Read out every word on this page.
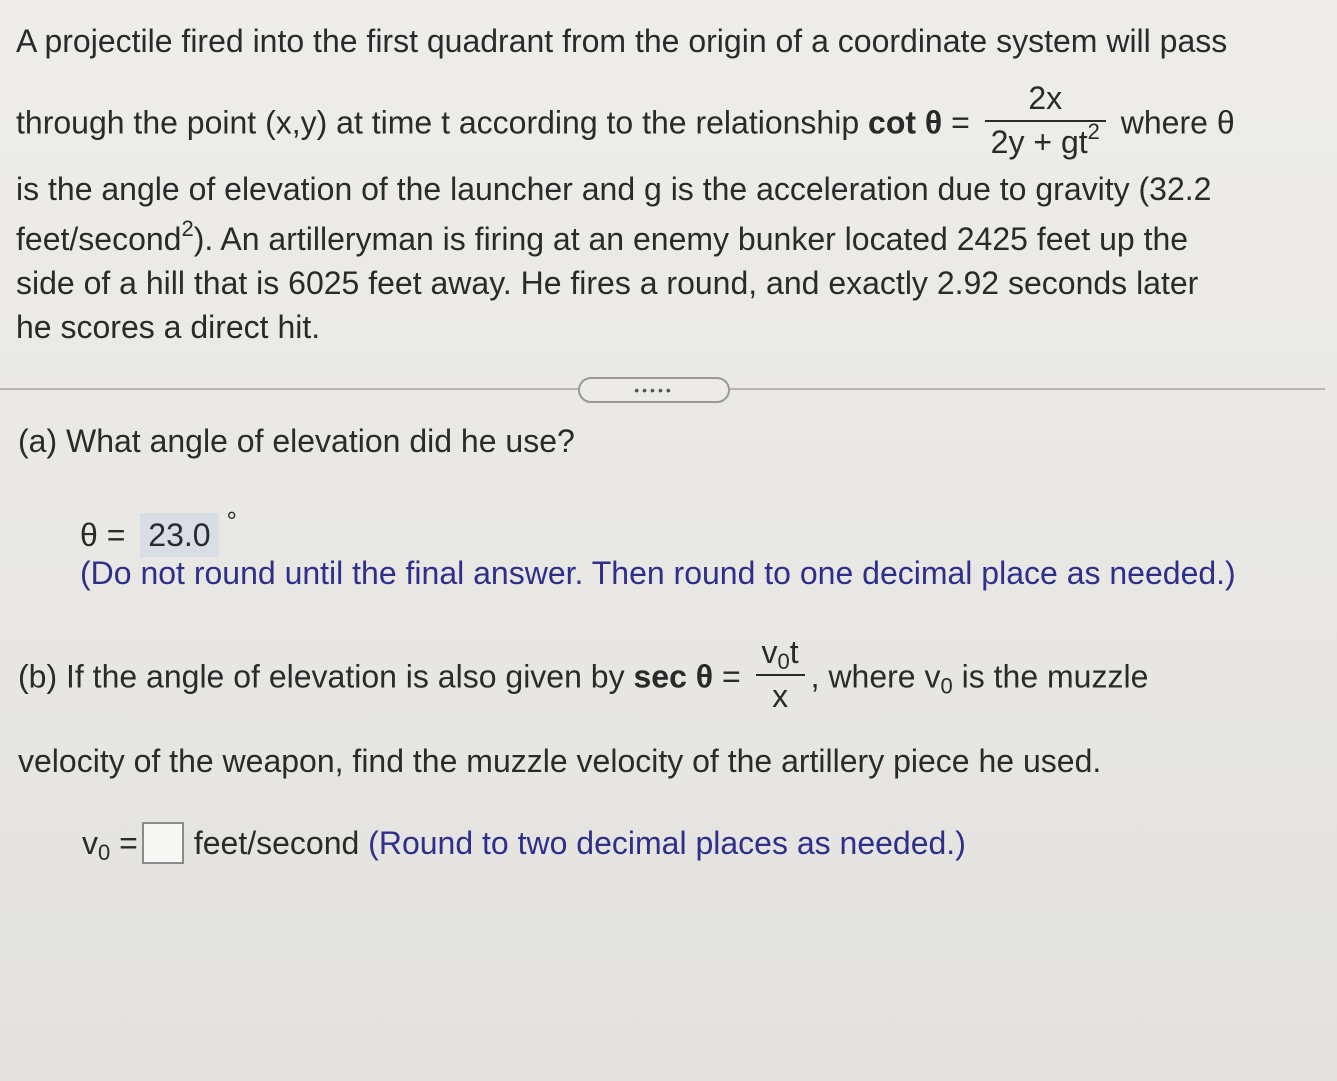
A projectile fired into the first quadrant from the origin of a coordinate system will pass
through the point (x,y) at time t according to the relationship $\cot \theta = \frac{2x}{2y + gt^2}$ where θ
is the angle of elevation of the launcher and g is the acceleration due to gravity (32.2
feet/second$^2$). An artilleryman is firing at an enemy bunker located 2425 feet up the
side of a hill that is 6025 feet away. He fires a round, and exactly 2.92 seconds later
he scores a direct hit.
•••••
(a) What angle of elevation did he use?
θ = 23.0 °
(Do not round until the final answer. Then round to one decimal place as needed.)
(b) If the angle of elevation is also given by $\sec \theta = \frac{v_0t}{x}$ , where $v_0$ is the muzzle
velocity of the weapon, find the muzzle velocity of the artillery piece he used.
$v_0$ = feet/second (Round to two decimal places as needed.)
